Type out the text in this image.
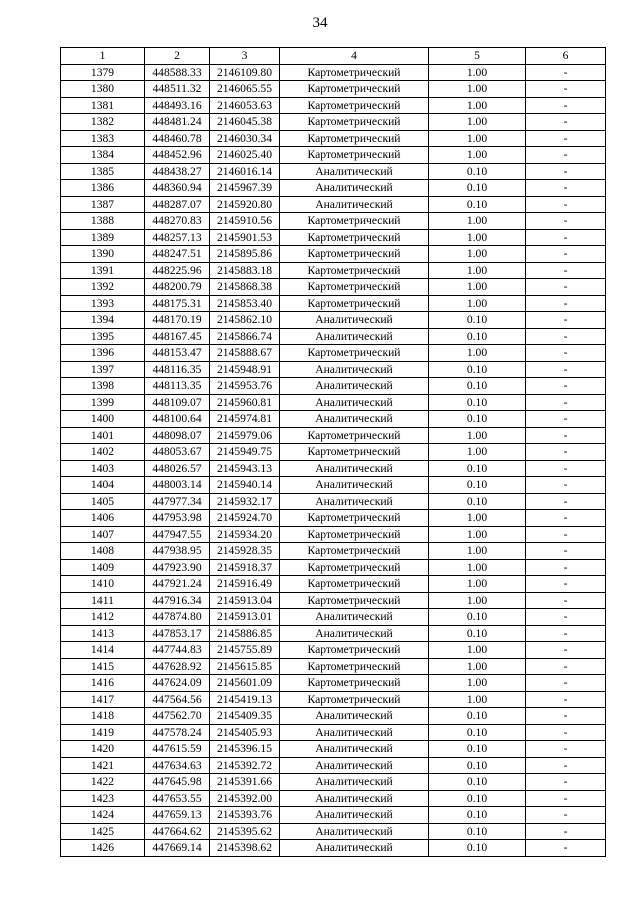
34
1	2	3	4	5	6
1379	448588.33	2146109.80	Картометрический	1.00	-
1380	448511.32	2146065.55	Картометрический	1.00	-
1381	448493.16	2146053.63	Картометрический	1.00	-
1382	448481.24	2146045.38	Картометрический	1.00	-
1383	448460.78	2146030.34	Картометрический	1.00	-
1384	448452.96	2146025.40	Картометрический	1.00	-
1385	448438.27	2146016.14	Аналитический	0.10	-
1386	448360.94	2145967.39	Аналитический	0.10	-
1387	448287.07	2145920.80	Аналитический	0.10	-
1388	448270.83	2145910.56	Картометрический	1.00	-
1389	448257.13	2145901.53	Картометрический	1.00	-
1390	448247.51	2145895.86	Картометрический	1.00	-
1391	448225.96	2145883.18	Картометрический	1.00	-
1392	448200.79	2145868.38	Картометрический	1.00	-
1393	448175.31	2145853.40	Картометрический	1.00	-
1394	448170.19	2145862.10	Аналитический	0.10	-
1395	448167.45	2145866.74	Аналитический	0.10	-
1396	448153.47	2145888.67	Картометрический	1.00	-
1397	448116.35	2145948.91	Аналитический	0.10	-
1398	448113.35	2145953.76	Аналитический	0.10	-
1399	448109.07	2145960.81	Аналитический	0.10	-
1400	448100.64	2145974.81	Аналитический	0.10	-
1401	448098.07	2145979.06	Картометрический	1.00	-
1402	448053.67	2145949.75	Картометрический	1.00	-
1403	448026.57	2145943.13	Аналитический	0.10	-
1404	448003.14	2145940.14	Аналитический	0.10	-
1405	447977.34	2145932.17	Аналитический	0.10	-
1406	447953.98	2145924.70	Картометрический	1.00	-
1407	447947.55	2145934.20	Картометрический	1.00	-
1408	447938.95	2145928.35	Картометрический	1.00	-
1409	447923.90	2145918.37	Картометрический	1.00	-
1410	447921.24	2145916.49	Картометрический	1.00	-
1411	447916.34	2145913.04	Картометрический	1.00	-
1412	447874.80	2145913.01	Аналитический	0.10	-
1413	447853.17	2145886.85	Аналитический	0.10	-
1414	447744.83	2145755.89	Картометрический	1.00	-
1415	447628.92	2145615.85	Картометрический	1.00	-
1416	447624.09	2145601.09	Картометрический	1.00	-
1417	447564.56	2145419.13	Картометрический	1.00	-
1418	447562.70	2145409.35	Аналитический	0.10	-
1419	447578.24	2145405.93	Аналитический	0.10	-
1420	447615.59	2145396.15	Аналитический	0.10	-
1421	447634.63	2145392.72	Аналитический	0.10	-
1422	447645.98	2145391.66	Аналитический	0.10	-
1423	447653.55	2145392.00	Аналитический	0.10	-
1424	447659.13	2145393.76	Аналитический	0.10	-
1425	447664.62	2145395.62	Аналитический	0.10	-
1426	447669.14	2145398.62	Аналитический	0.10	-
